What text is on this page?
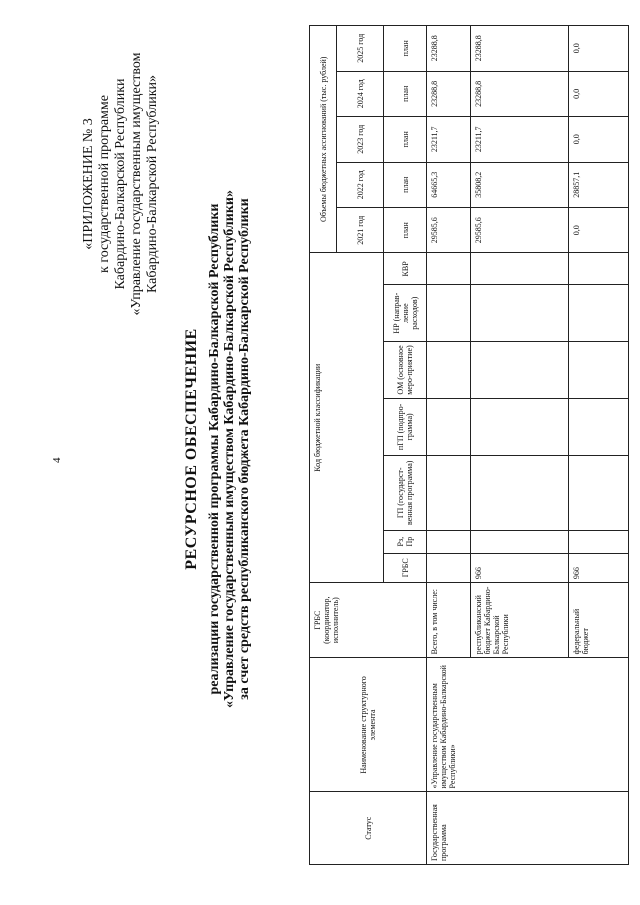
4
«ПРИЛОЖЕНИЕ № 3 к государственной программе Кабардино-Балкарской Республики «Управление государственным имуществом Кабардино-Балкарской Республики»
РЕСУРСНОЕ ОБЕСПЕЧЕНИЕ реализации государственной программы Кабардино-Балкарской Республики «Управление государственным имуществом Кабардино-Балкарской Республики» за счет средств республиканского бюджета Кабардино-Балкарской Республики
Статус	Наименование структурного элемента	ГРБС (координатор, исполнитель)	Код бюджетной классификации							Объемы бюджетных ассигнований (тыс. рублей)				
										2021 год	2022 год	2023 год	2024 год	2025 год
			ГРБС	Рз, Пр	ГП (государст-венная программа)	пГП (подпро-грамма)	ОМ (основное меро-приятие)	НР (направ-ление расходов)	КВР	план	план	план	план	план
Государственная программа	«Управление государственным имуществом Кабардино-Балкарской Республики»	Всего, в том числе:								29585,6	64665,3	23211,7	23288,8	23288,8
		республиканский бюджет Кабардино-Балкарской Республики	966							29585,6	35808,2	23211,7	23288,8	23288,8
		федеральный бюджет	966							0,0	28857,1	0,0	0,0	0,0
